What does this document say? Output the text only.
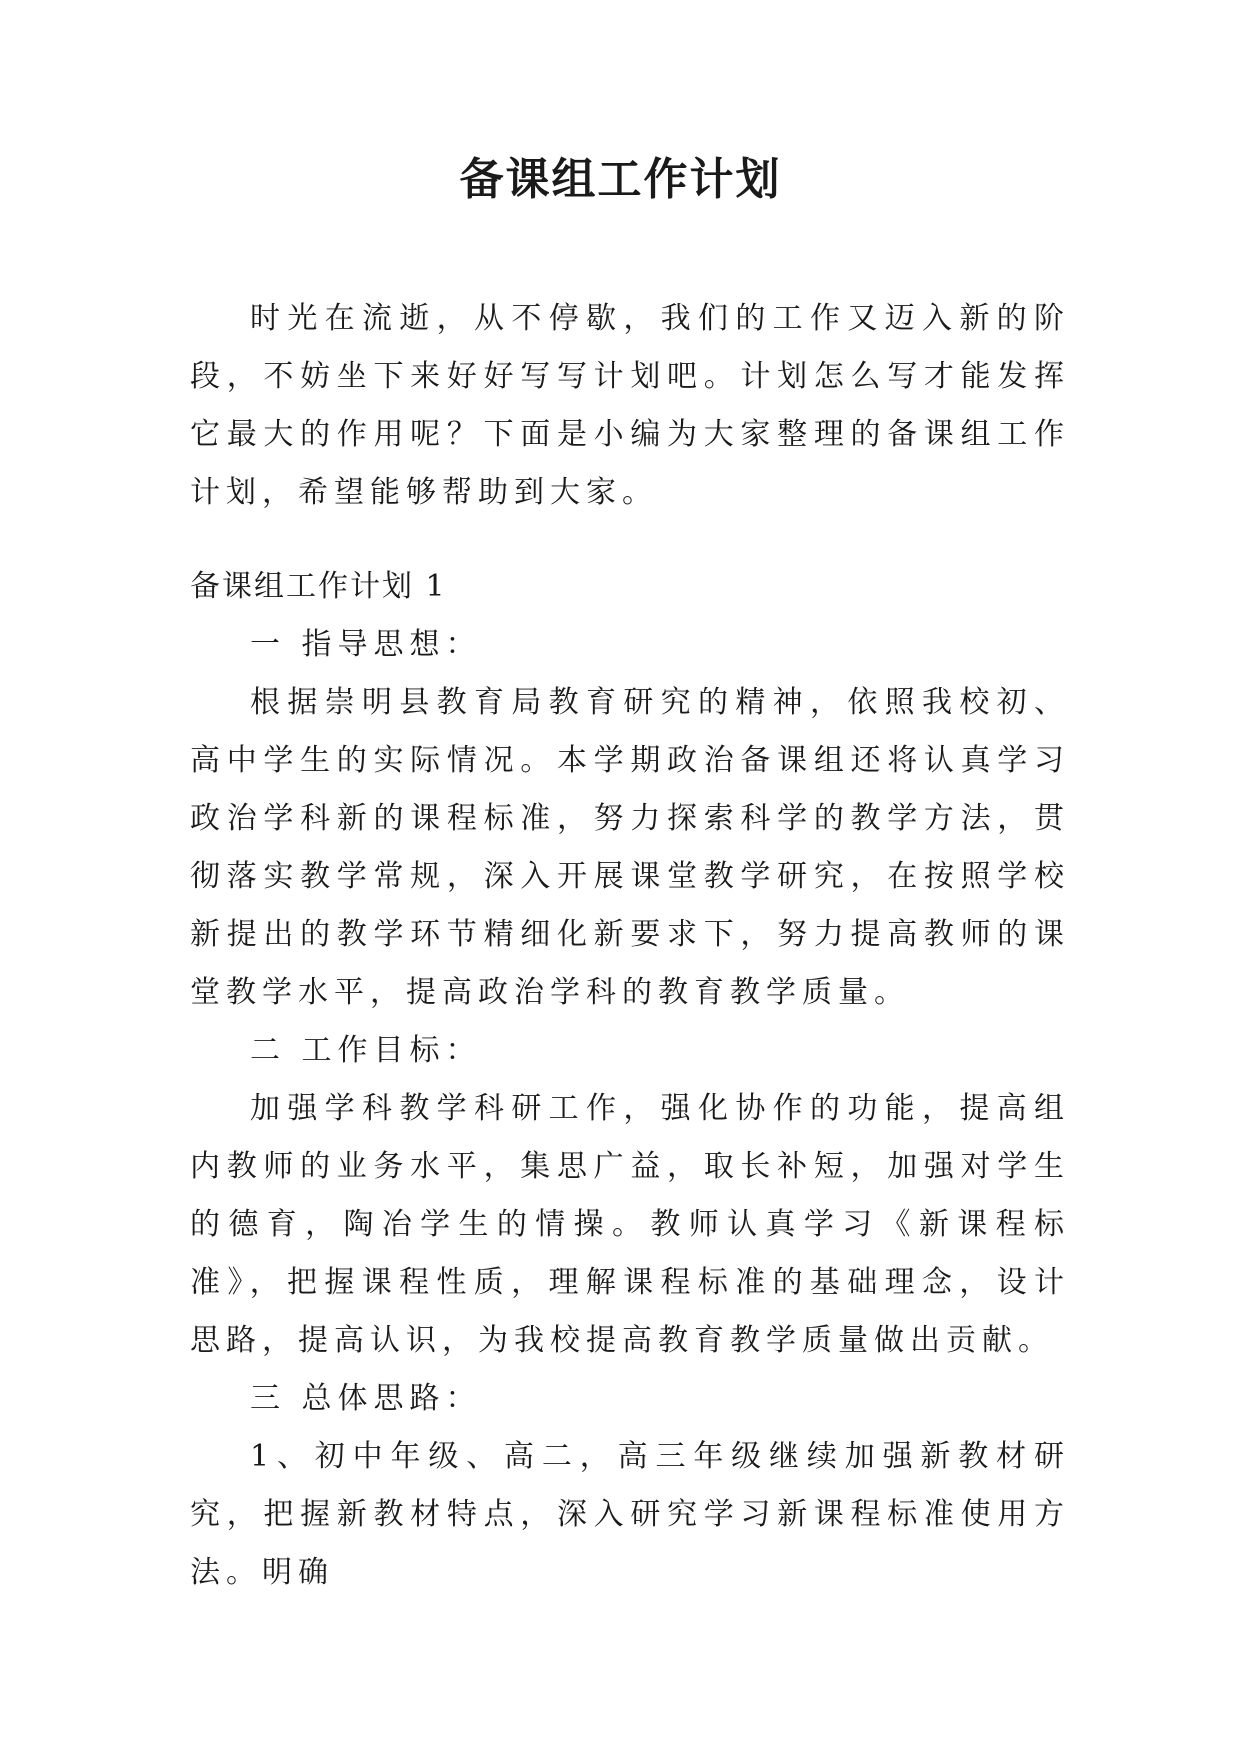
备课组工作计划

时光在流逝，从不停歇，我们的工作又迈入新的阶段，不妨坐下来好好写写计划吧。计划怎么写才能发挥它最大的作用呢？下面是小编为大家整理的备课组工作计划，希望能够帮助到大家。

备课组工作计划 1

一 指导思想：

根据崇明县教育局教育研究的精神，依照我校初、高中学生的实际情况。本学期政治备课组还将认真学习政治学科新的课程标准，努力探索科学的教学方法，贯彻落实教学常规，深入开展课堂教学研究，在按照学校新提出的教学环节精细化新要求下，努力提高教师的课堂教学水平，提高政治学科的教育教学质量。

二 工作目标：

加强学科教学科研工作，强化协作的功能，提高组内教师的业务水平，集思广益，取长补短，加强对学生的德育，陶冶学生的情操。教师认真学习《新课程标准》，把握课程性质，理解课程标准的基础理念，设计思路，提高认识，为我校提高教育教学质量做出贡献。

三 总体思路：

1、初中年级、高二，高三年级继续加强新教材研究，把握新教材特点，深入研究学习新课程标准使用方法。明确
